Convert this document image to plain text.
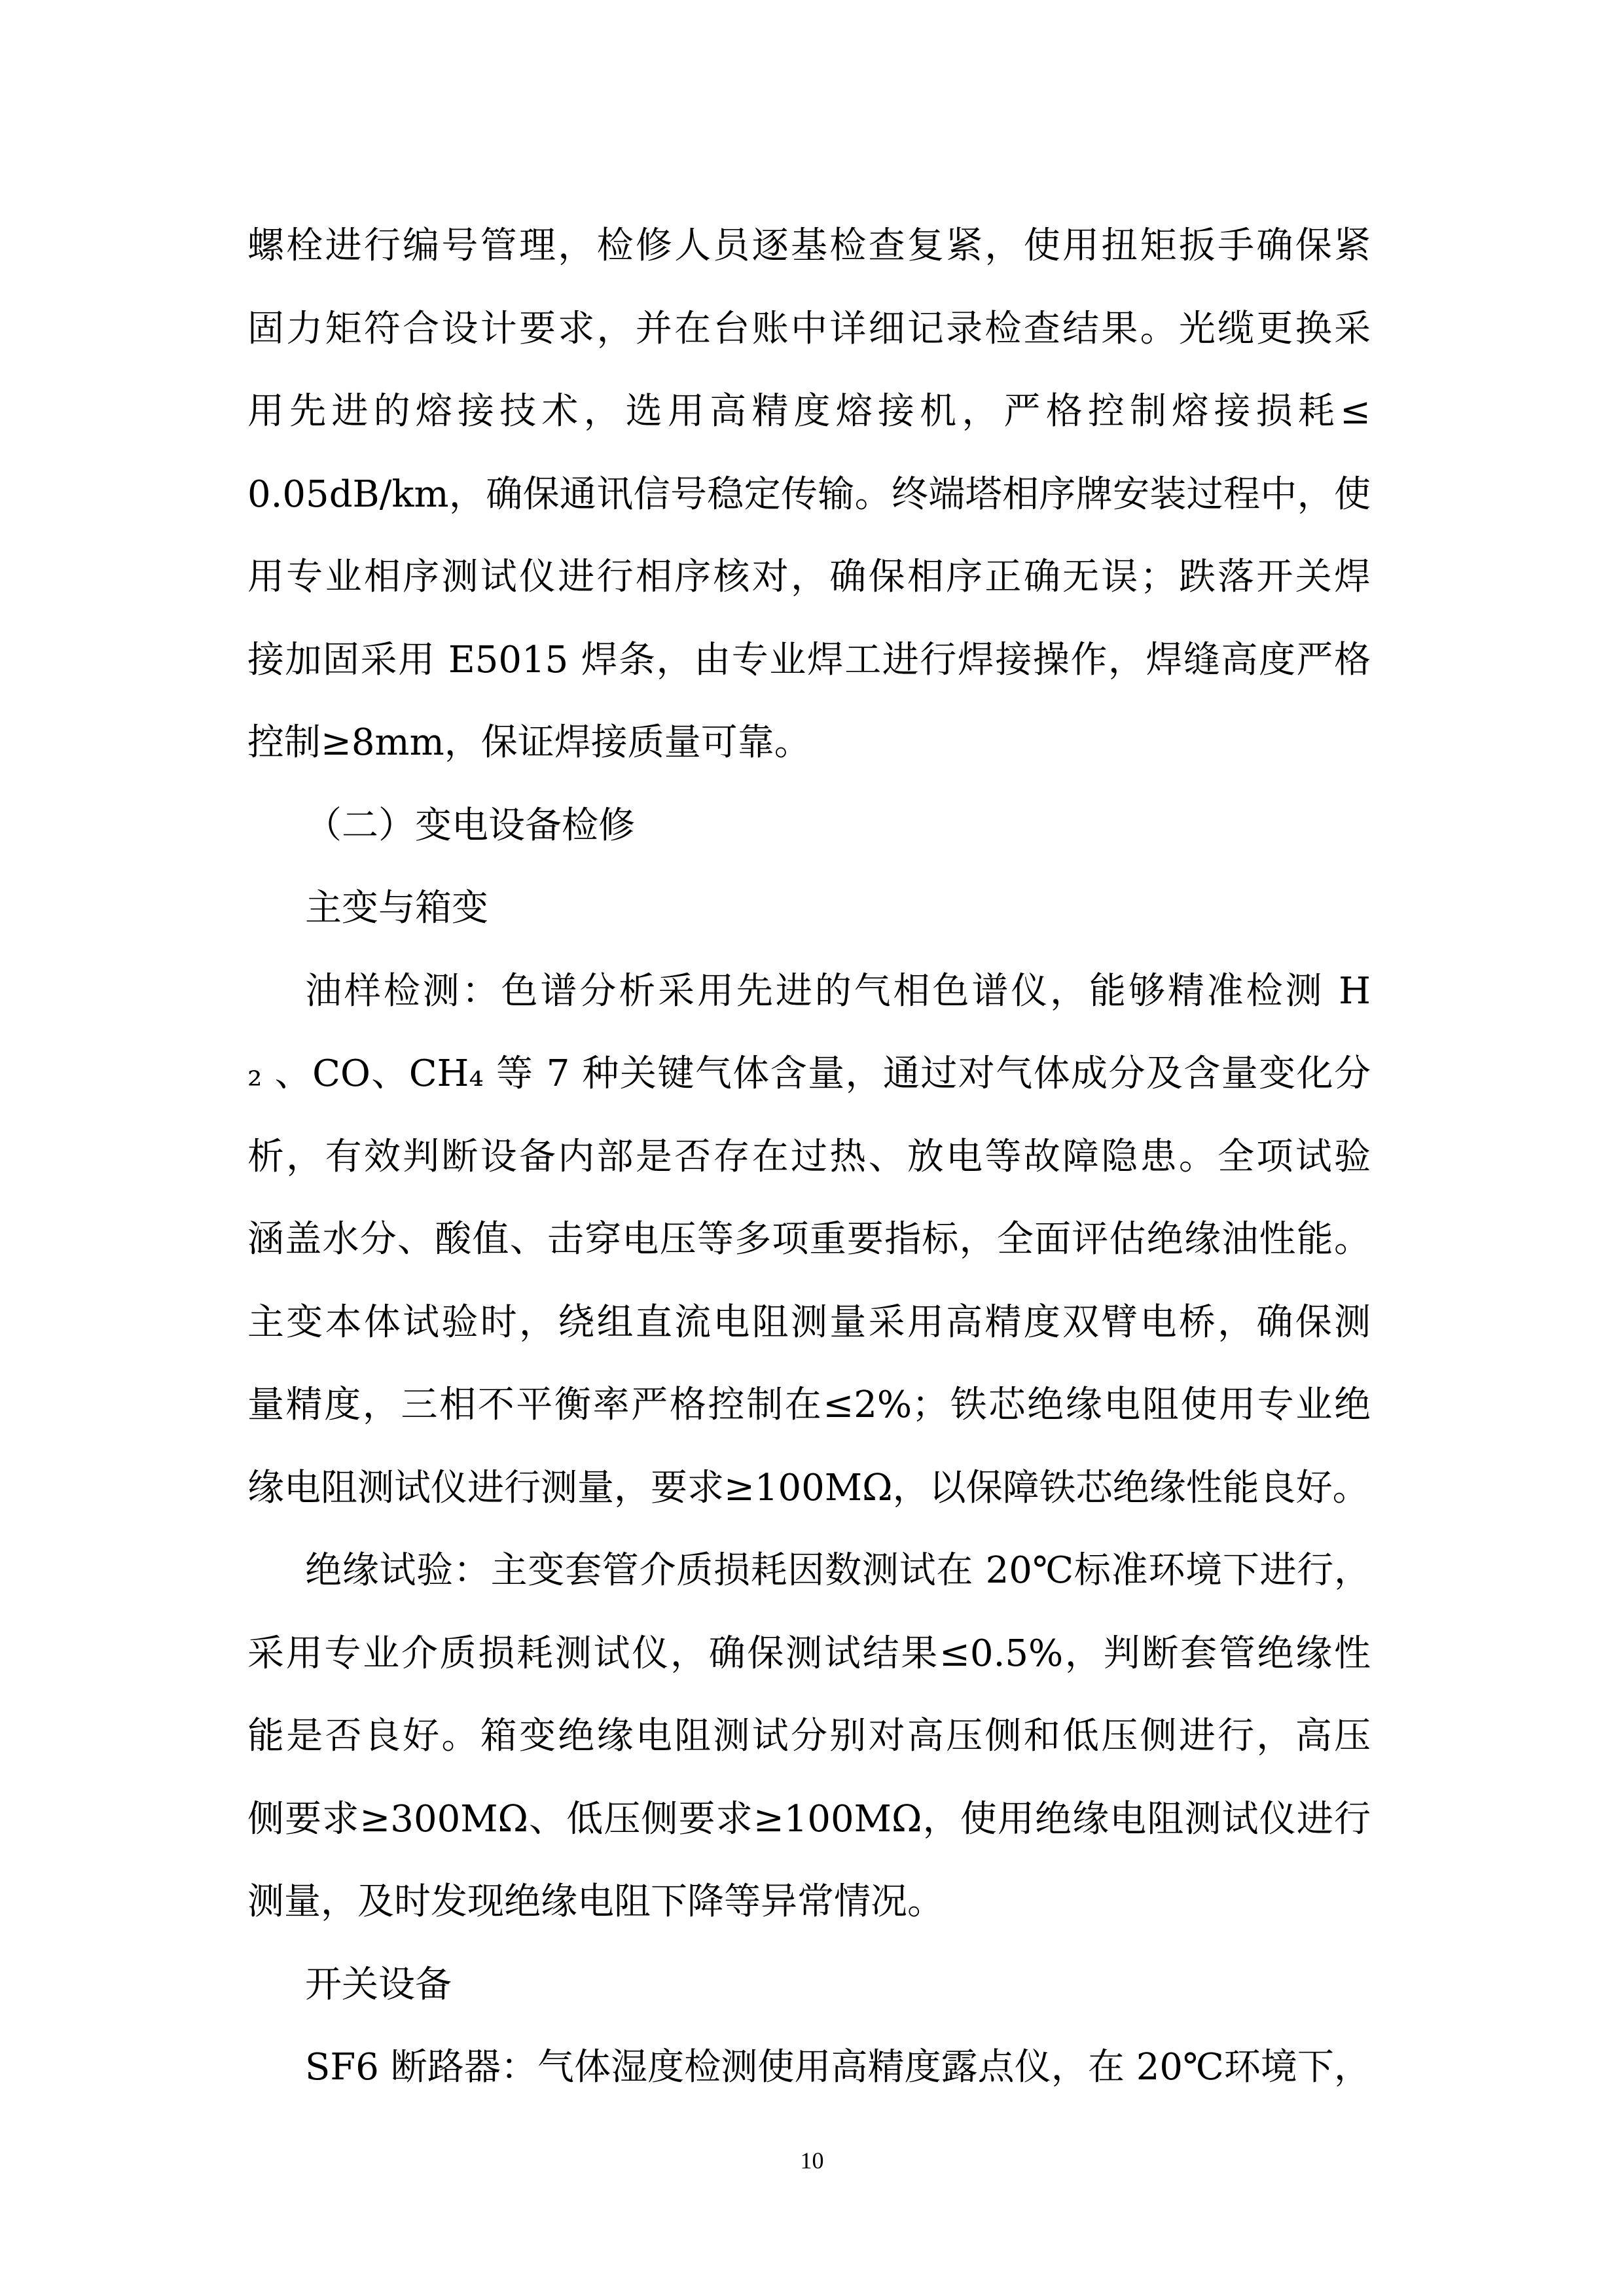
螺栓进行编号管理，检修人员逐基检查复紧，使用扭矩扳手确保紧
固力矩符合设计要求，并在台账中详细记录检查结果。光缆更换采
用先进的熔接技术，选用高精度熔接机，严格控制熔接损耗≤
0.05dB/km，确保通讯信号稳定传输。终端塔相序牌安装过程中，使
用专业相序测试仪进行相序核对，确保相序正确无误；跌落开关焊
接加固采用 E5015 焊条，由专业焊工进行焊接操作，焊缝高度严格
控制≥8mm，保证焊接质量可靠。
（二）变电设备检修
主变与箱变
油样检测：色谱分析采用先进的气相色谱仪，能够精准检测 H
₂ 、CO、CH₄ 等 7 种关键气体含量，通过对气体成分及含量变化分
析，有效判断设备内部是否存在过热、放电等故障隐患。全项试验
涵盖水分、酸值、击穿电压等多项重要指标，全面评估绝缘油性能。
主变本体试验时，绕组直流电阻测量采用高精度双臂电桥，确保测
量精度，三相不平衡率严格控制在≤2%；铁芯绝缘电阻使用专业绝
缘电阻测试仪进行测量，要求≥100MΩ，以保障铁芯绝缘性能良好。
绝缘试验：主变套管介质损耗因数测试在 20℃标准环境下进行，
采用专业介质损耗测试仪，确保测试结果≤0.5%，判断套管绝缘性
能是否良好。箱变绝缘电阻测试分别对高压侧和低压侧进行，高压
侧要求≥300MΩ、低压侧要求≥100MΩ，使用绝缘电阻测试仪进行
测量，及时发现绝缘电阻下降等异常情况。
开关设备
SF6 断路器：气体湿度检测使用高精度露点仪，在 20℃环境下，
10
